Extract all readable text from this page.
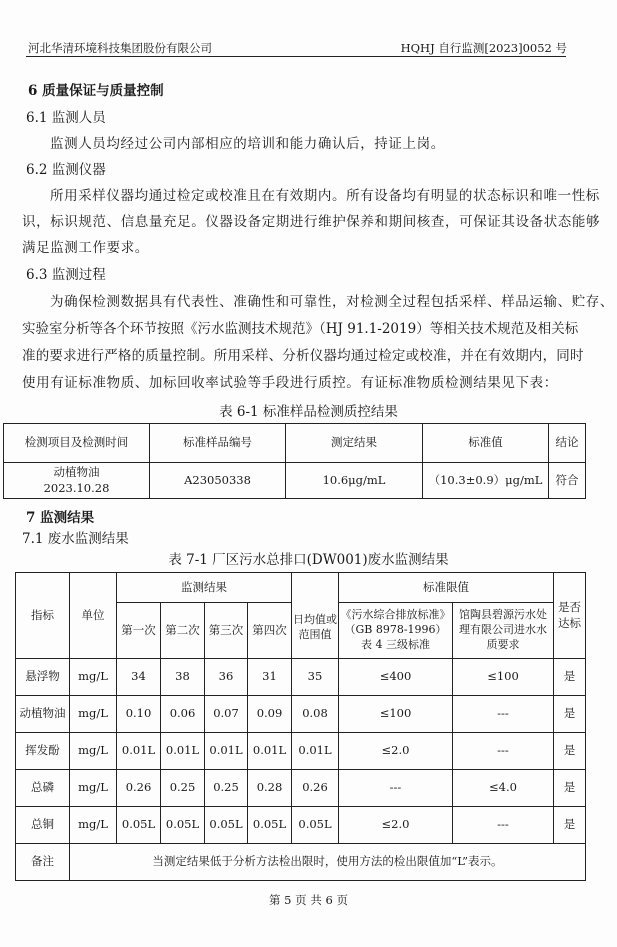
河北华清环境科技集团股份有限公司	HQHJ 自行监测[2023]0052 号
6 质量保证与质量控制
6.1 监测人员
监测人员均经过公司内部相应的培训和能力确认后，持证上岗。
6.2 监测仪器
所用采样仪器均通过检定或校准且在有效期内。所有设备均有明显的状态标识和唯一性标
识，标识规范、信息量充足。仪器设备定期进行维护保养和期间核查，可保证其设备状态能够
满足监测工作要求。
6.3 监测过程
为确保检测数据具有代表性、准确性和可靠性，对检测全过程包括采样、样品运输、贮存、
实验室分析等各个环节按照《污水监测技术规范》（HJ 91.1-2019）等相关技术规范及相关标
准的要求进行严格的质量控制。所用采样、分析仪器均通过检定或校准，并在有效期内，同时
使用有证标准物质、加标回收率试验等手段进行质控。有证标准物质检测结果见下表：
表 6-1 标准样品检测质控结果
检测项目及检测时间	标准样品编号	测定结果	标准值	结论

动植物油
2023.10.28	A23050338	10.6μg/mL	（10.3±0.9）μg/mL	符合
7 监测结果
7.1 废水监测结果
表 7-1 厂区污水总排口(DW001)废水监测结果
指标	单位	监测结果				日均值或范围值	标准限值		是否达标
		第一次	第二次	第三次	第四次		《污水综合排放标准》
（GB 8978-1996）
表 4 三级标准	馆陶县碧源污水处理有限公司进水水质要求	
悬浮物	mg/L	34	38	36	31	35	≤400	≤100	是
动植物油	mg/L	0.10	0.06	0.07	0.09	0.08	≤100	---	是
挥发酚	mg/L	0.01L	0.01L	0.01L	0.01L	0.01L	≤2.0	---	是
总磷	mg/L	0.26	0.25	0.25	0.28	0.26	---	≤4.0	是
总铜	mg/L	0.05L	0.05L	0.05L	0.05L	0.05L	≤2.0	---	是
备注	当测定结果低于分析方法检出限时，使用方法的检出限值加“L”表示。								
第 5 页 共 6 页
